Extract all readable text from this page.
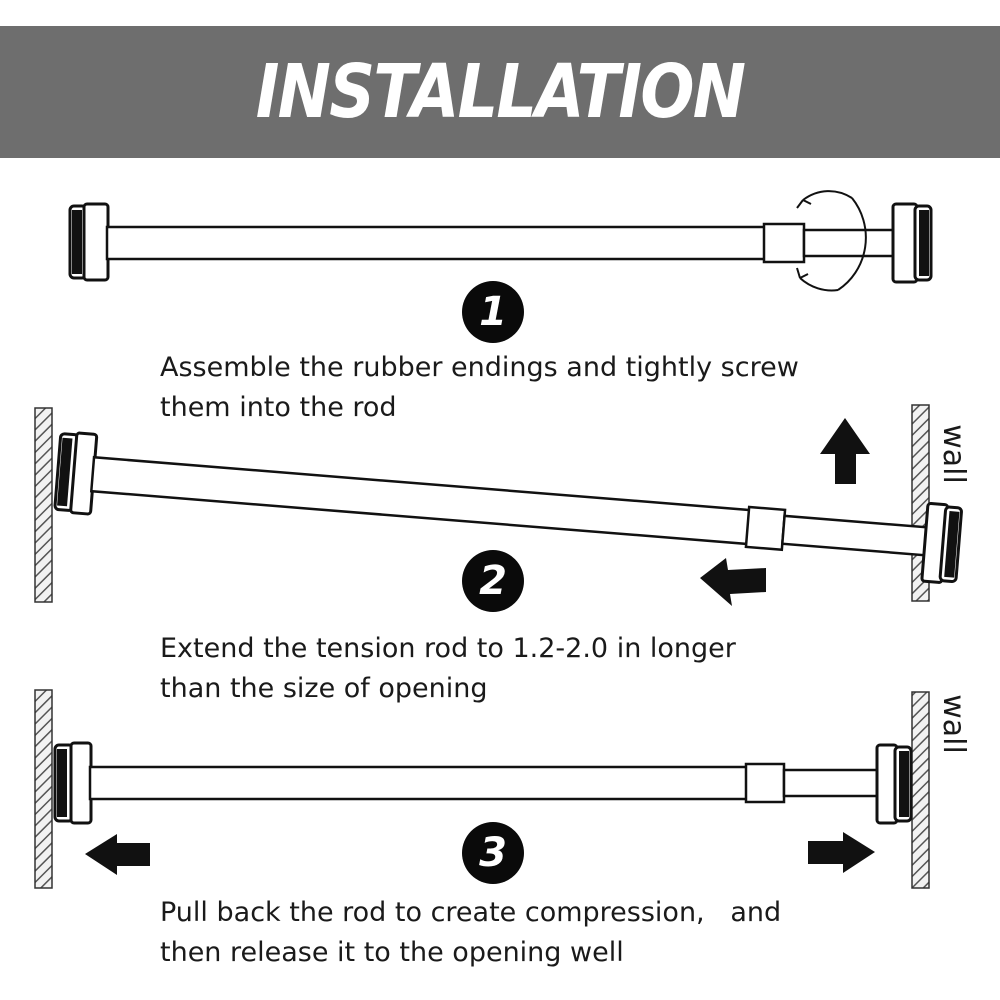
INSTALLATION
1
2
3
wall
wall
Assemble the rubber endings and tightly screw
them into the rod
Extend the tension rod to 1.2-2.0 in longer
than the size of opening
Pull back the rod to create compression,   and
then release it to the opening well
